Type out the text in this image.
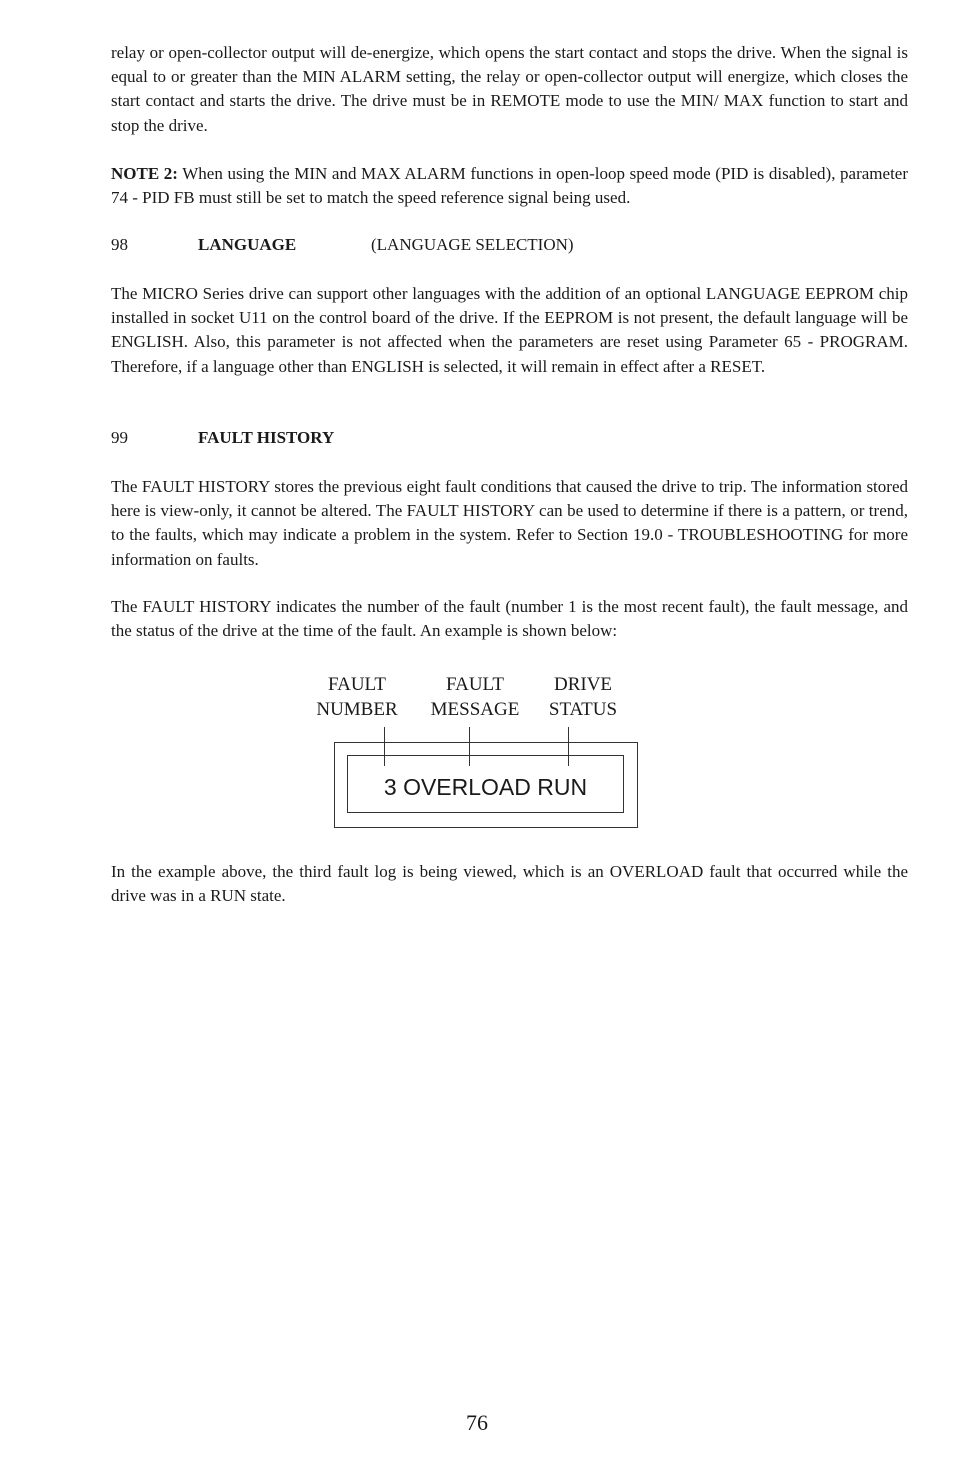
relay or open-collector output will de-energize, which opens the start contact and stops the drive. When the signal is equal to or greater than the MIN ALARM setting, the relay or open-collector output will energize, which closes the start contact and starts the drive. The drive must be in REMOTE mode to use the MIN/ MAX function to start and stop the drive.

NOTE 2: When using the MIN and MAX ALARM functions in open-loop speed mode (PID is disabled), parameter 74 - PID FB must still be set to match the speed reference signal being used.

98	LANGUAGE	(LANGUAGE SELECTION)

The MICRO Series drive can support other languages with the addition of an optional LANGUAGE EEPROM chip installed in socket U11 on the control board of the drive. If the EEPROM is not present, the default language will be ENGLISH. Also, this parameter is not affected when the parameters are reset using Parameter 65 - PROGRAM. Therefore, if a language other than ENGLISH is selected, it will remain in effect after a RESET.

99	FAULT HISTORY

The FAULT HISTORY stores the previous eight fault conditions that caused the drive to trip. The information stored here is view-only, it cannot be altered. The FAULT HISTORY can be used to determine if there is a pattern, or trend, to the faults, which may indicate a problem in the system. Refer to Section 19.0 - TROUBLESHOOTING for more information on faults.

The FAULT HISTORY indicates the number of the fault (number 1 is the most recent fault), the fault message, and the status of the drive at the time of the fault. An example is shown below:

FAULT
NUMBER
FAULT
MESSAGE
DRIVE
STATUS
3 OVERLOAD RUN

In the example above, the third fault log is being viewed, which is an OVERLOAD fault that occurred while the drive was in a RUN state.

76
